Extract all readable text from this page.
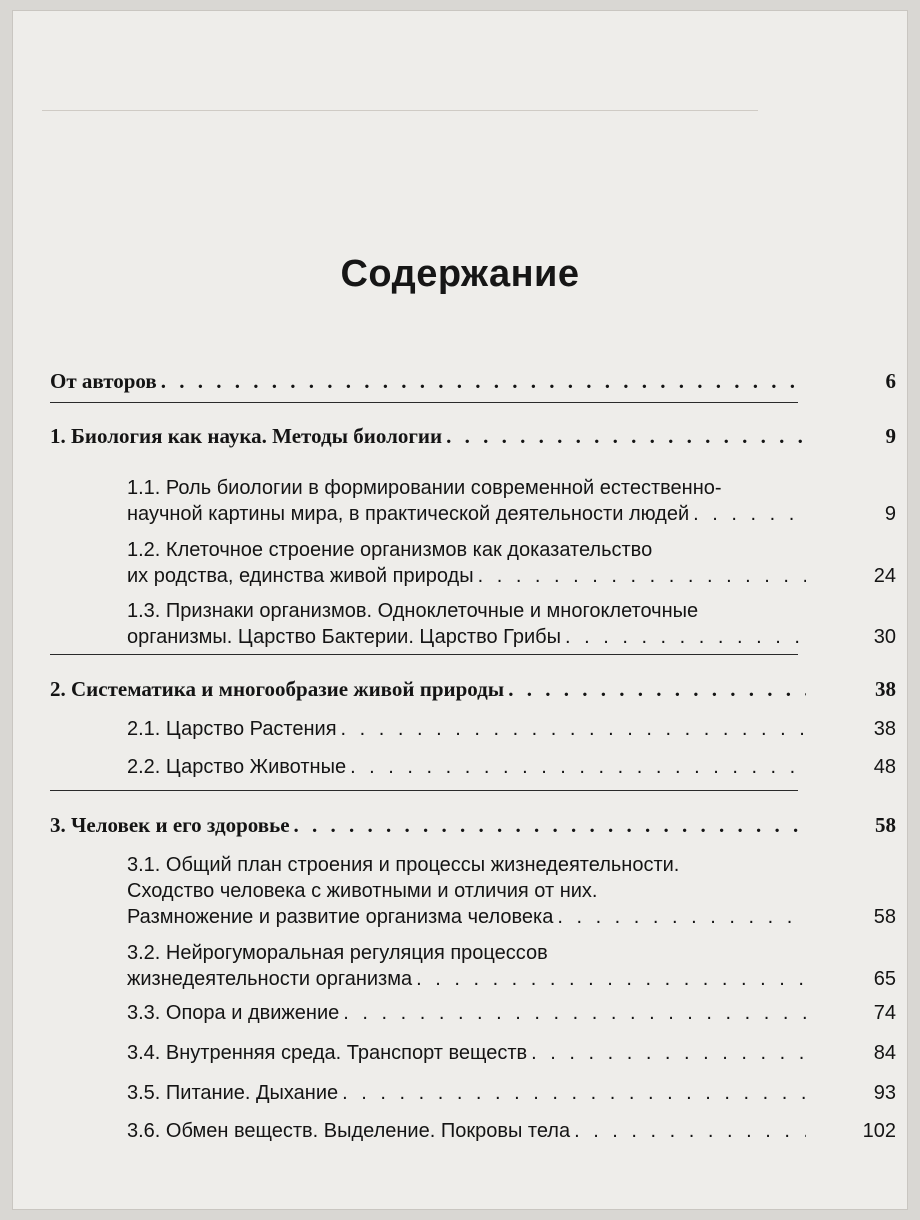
Содержание
От авторов . . .	6
1. Биология как наука. Методы биологии . . .	9
1.1. Роль биологии в формировании современной естественно-
научной картины мира, в практической деятельности людей . . .	9
1.2. Клеточное строение организмов как доказательство
их родства, единства живой природы . . .	24
1.3. Признаки организмов. Одноклеточные и многоклеточные
организмы. Царство Бактерии. Царство Грибы . . .	30
2. Систематика и многообразие живой природы . . .	38
2.1. Царство Растения . . .	38
2.2. Царство Животные . . .	48
3. Человек и его здоровье . . .	58
3.1. Общий план строения и процессы жизнедеятельности.
Сходство человека с животными и отличия от них.
Размножение и развитие организма человека . . .	58
3.2. Нейрогуморальная регуляция процессов
жизнедеятельности организма . . .	65
3.3. Опора и движение . . .	74
3.4. Внутренняя среда. Транспорт веществ . . .	84
3.5. Питание. Дыхание . . .	93
3.6. Обмен веществ. Выделение. Покровы тела . . .	102
